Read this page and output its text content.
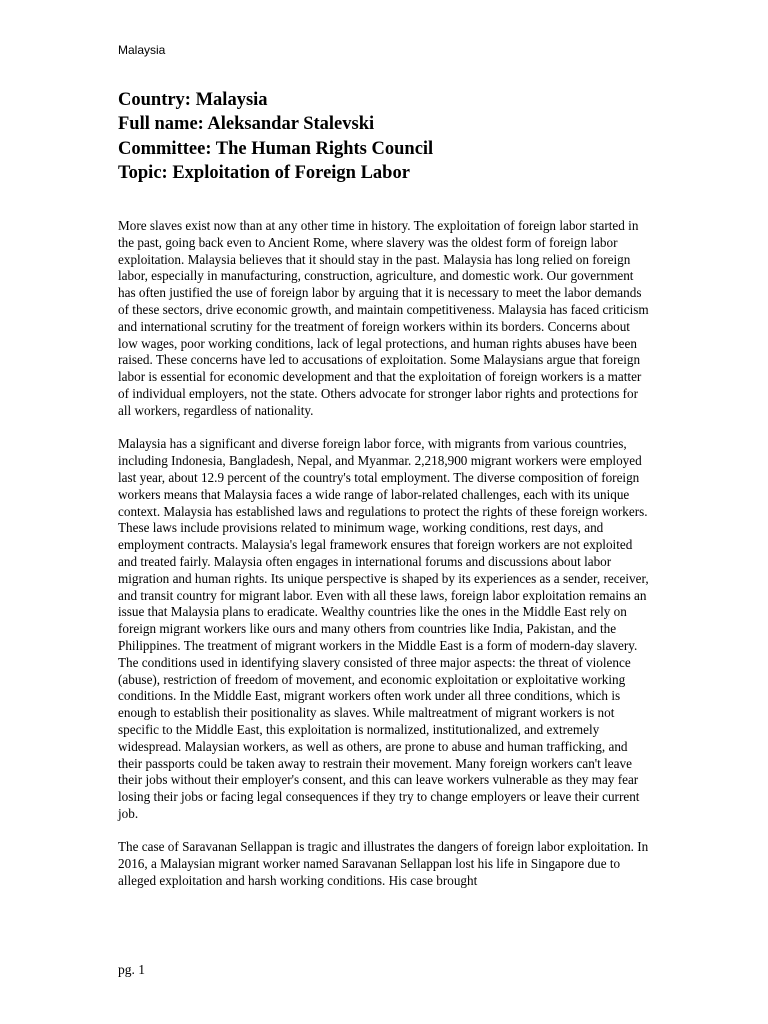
Malaysia
Country: Malaysia
Full name: Aleksandar Stalevski
Committee: The Human Rights Council
Topic: Exploitation of Foreign Labor

More slaves exist now than at any other time in history. The exploitation of foreign labor started in the past, going back even to Ancient Rome, where slavery was the oldest form of foreign labor exploitation. Malaysia believes that it should stay in the past. Malaysia has long relied on foreign labor, especially in manufacturing, construction, agriculture, and domestic work. Our government has often justified the use of foreign labor by arguing that it is necessary to meet the labor demands of these sectors, drive economic growth, and maintain competitiveness. Malaysia has faced criticism and international scrutiny for the treatment of foreign workers within its borders. Concerns about low wages, poor working conditions, lack of legal protections, and human rights abuses have been raised. These concerns have led to accusations of exploitation. Some Malaysians argue that foreign labor is essential for economic development and that the exploitation of foreign workers is a matter of individual employers, not the state. Others advocate for stronger labor rights and protections for all workers, regardless of nationality.

Malaysia has a significant and diverse foreign labor force, with migrants from various countries, including Indonesia, Bangladesh, Nepal, and Myanmar. 2,218,900 migrant workers were employed last year, about 12.9 percent of the country's total employment. The diverse composition of foreign workers means that Malaysia faces a wide range of labor-related challenges, each with its unique context. Malaysia has established laws and regulations to protect the rights of these foreign workers. These laws include provisions related to minimum wage, working conditions, rest days, and employment contracts. Malaysia's legal framework ensures that foreign workers are not exploited and treated fairly. Malaysia often engages in international forums and discussions about labor migration and human rights. Its unique perspective is shaped by its experiences as a sender, receiver, and transit country for migrant labor. Even with all these laws, foreign labor exploitation remains an issue that Malaysia plans to eradicate. Wealthy countries like the ones in the Middle East rely on foreign migrant workers like ours and many others from countries like India, Pakistan, and the Philippines. The treatment of migrant workers in the Middle East is a form of modern-day slavery. The conditions used in identifying slavery consisted of three major aspects: the threat of violence (abuse), restriction of freedom of movement, and economic exploitation or exploitative working conditions. In the Middle East, migrant workers often work under all three conditions, which is enough to establish their positionality as slaves. While maltreatment of migrant workers is not specific to the Middle East, this exploitation is normalized, institutionalized, and extremely widespread. Malaysian workers, as well as others, are prone to abuse and human trafficking, and their passports could be taken away to restrain their movement. Many foreign workers can't leave their jobs without their employer's consent, and this can leave workers vulnerable as they may fear losing their jobs or facing legal consequences if they try to change employers or leave their current job.

The case of Saravanan Sellappan is tragic and illustrates the dangers of foreign labor exploitation. In 2016, a Malaysian migrant worker named Saravanan Sellappan lost his life in Singapore due to alleged exploitation and harsh working conditions. His case brought

pg. 1
